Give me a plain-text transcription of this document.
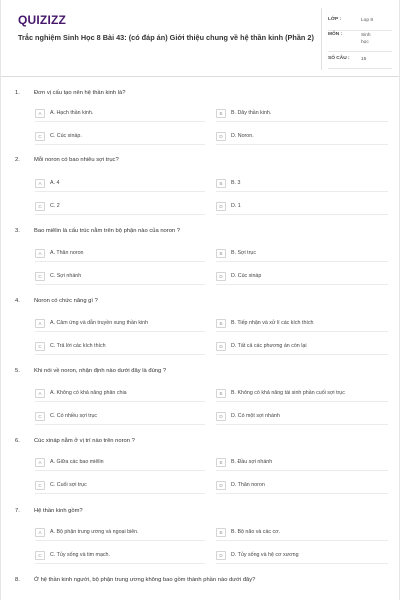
QUIZIZZ
Trắc nghiệm Sinh Học 8 Bài 43: (có đáp án) Giới thiệu chung về hệ thần kinh (Phần 2)
LỚP :	Lop 8
MÔN :	Sinh học
SỐ CÂU : 15
1. Đơn vị cấu tạo nên hệ thần kinh là?
A	A. Hạch thần kinh.	B	B. Dây thần kinh.
C	C. Cúc xináp.	D	D. Noron.
2. Mỗi noron có bao nhiêu sợi trục?
A	A. 4	B	B. 3
C	C. 2	D	D. 1
3. Bao miêlin là cấu trúc nằm trên bộ phận nào của noron ?
A	A. Thân noron	B	B. Sợi trục
C	C. Sợi nhánh	D	D. Cúc xináp
4. Noron có chức năng gì ?
A	A. Cảm ứng và dẫn truyền xung thần kinh	B	B. Tiếp nhận và xử lí các kích thích
C	C. Trả lời các kích thích	D	D. Tất cả các phương án còn lại
5. Khi nói về noron, nhận định nào dưới đây là đúng ?
A	A. Không có khả năng phân chia	B	B. Không có khả năng tái sinh phần cuối sợi trục
C	C. Có nhiều sợi trục	D	D. Có một sợi nhánh
6. Cúc xináp nằm ở vị trí nào trên noron ?
A	A. Giữa các bao miêlin	B	B. Đầu sợi nhánh
C	C. Cuối sợi trục	D	D. Thân noron
7. Hệ thần kinh gồm?
A	A. Bộ phận trung ương và ngoại biên.	B	B. Bộ não và các cơ.
C	C. Tủy sống và tim mạch.	D	D. Tủy sống và hệ cơ xương
8. Ở hệ thần kinh người, bộ phận trung ương không bao gồm thành phần nào dưới đây?
